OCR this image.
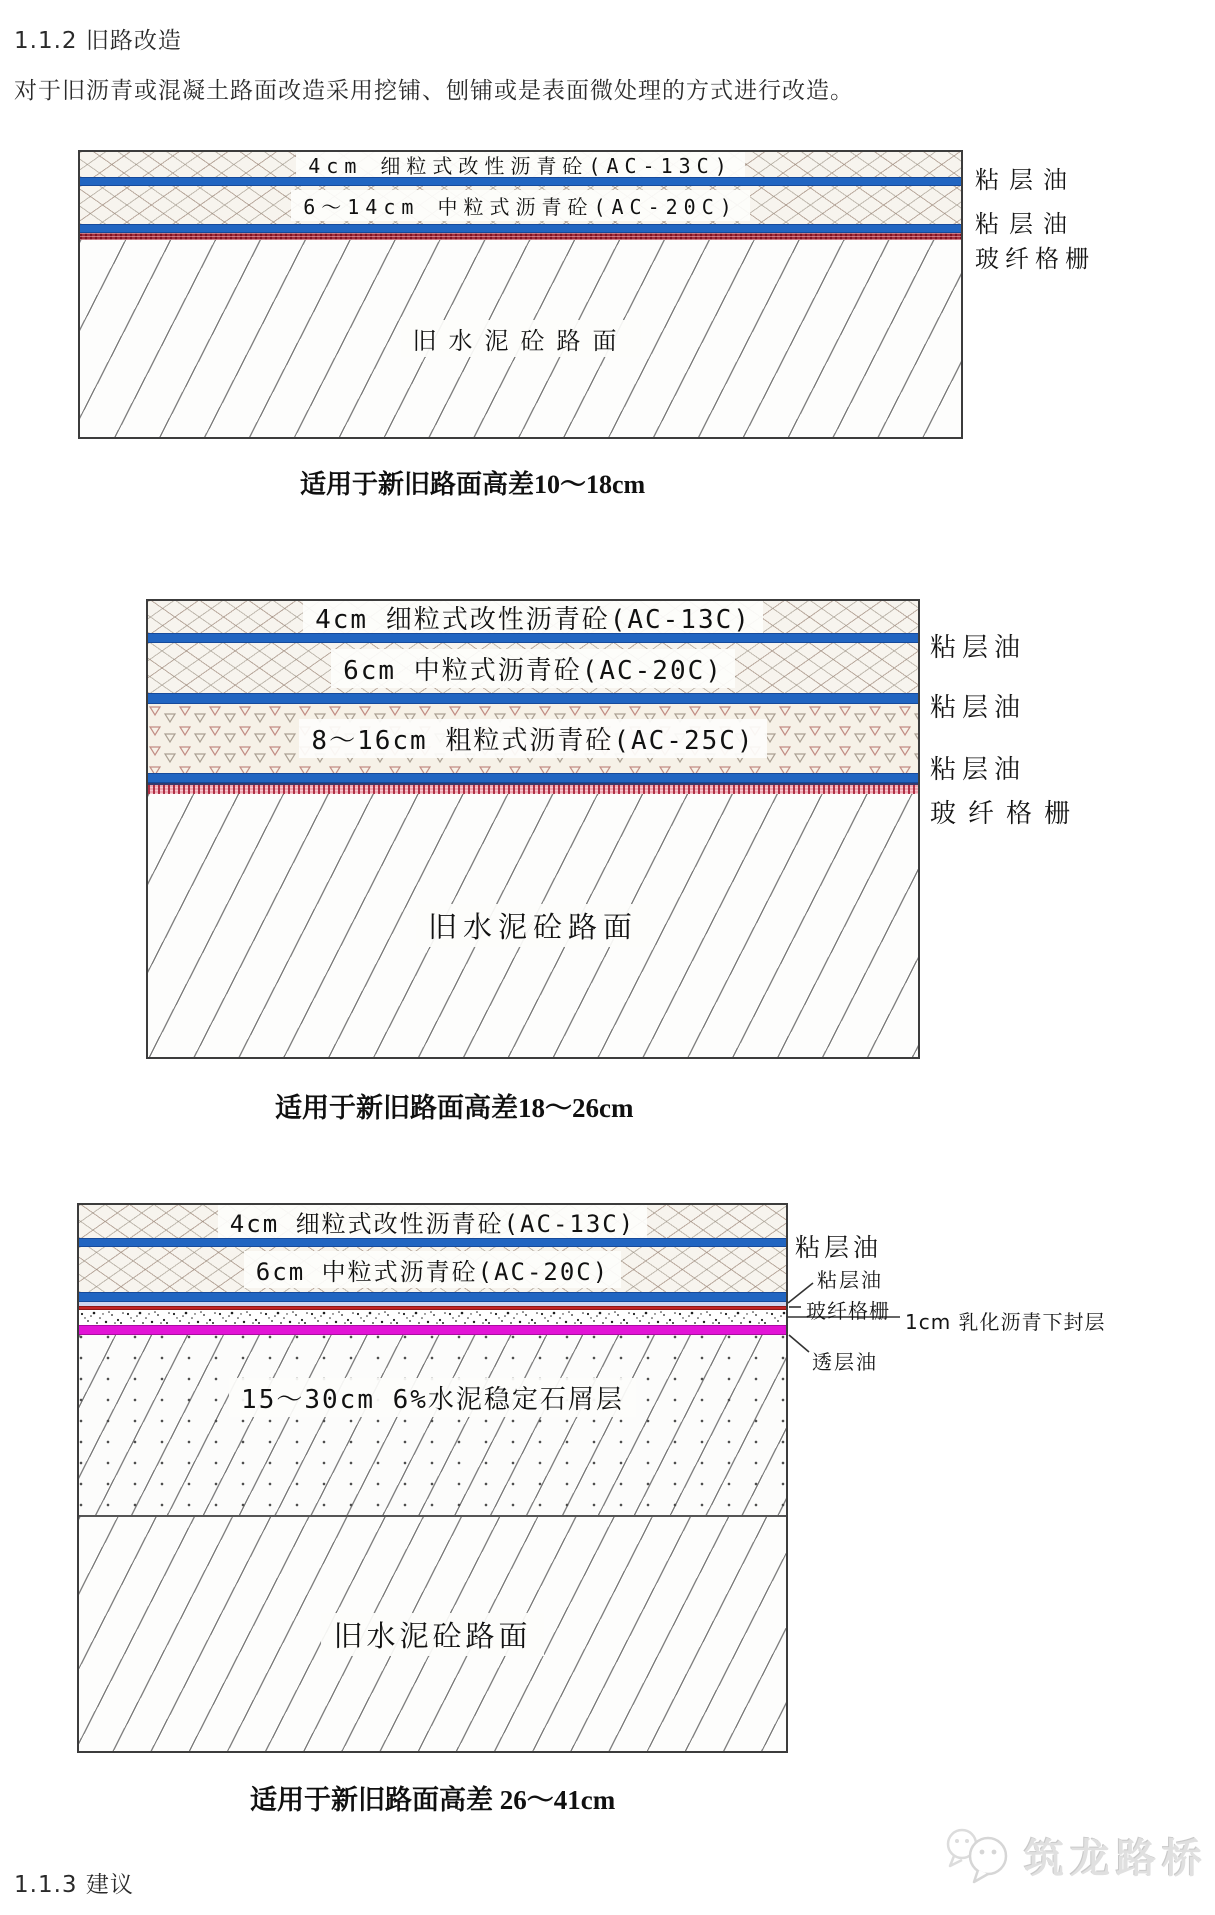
1.1.2 旧路改造
对于旧沥青或混凝土路面改造采用挖铺、刨铺或是表面微处理的方式进行改造。
4cm 细粒式改性沥青砼(AC-13C)
6～14cm 中粒式沥青砼(AC-20C)
旧水泥砼路面
粘层油
粘层油
玻纤格栅
适用于新旧路面高差10～18cm
4cm 细粒式改性沥青砼(AC-13C)
6cm 中粒式沥青砼(AC-20C)
8～16cm 粗粒式沥青砼(AC-25C)
旧水泥砼路面
粘层油
粘层油
粘层油
玻纤格栅
适用于新旧路面高差18～26cm
4cm 细粒式改性沥青砼(AC-13C)
6cm 中粒式沥青砼(AC-20C)
15～30cm 6%水泥稳定石屑层
旧水泥砼路面
粘层油
粘层油
玻纤格栅 1cm 乳化沥青下封层
透层油
适用于新旧路面高差 26～41cm
筑龙路桥
1.1.3 建议
